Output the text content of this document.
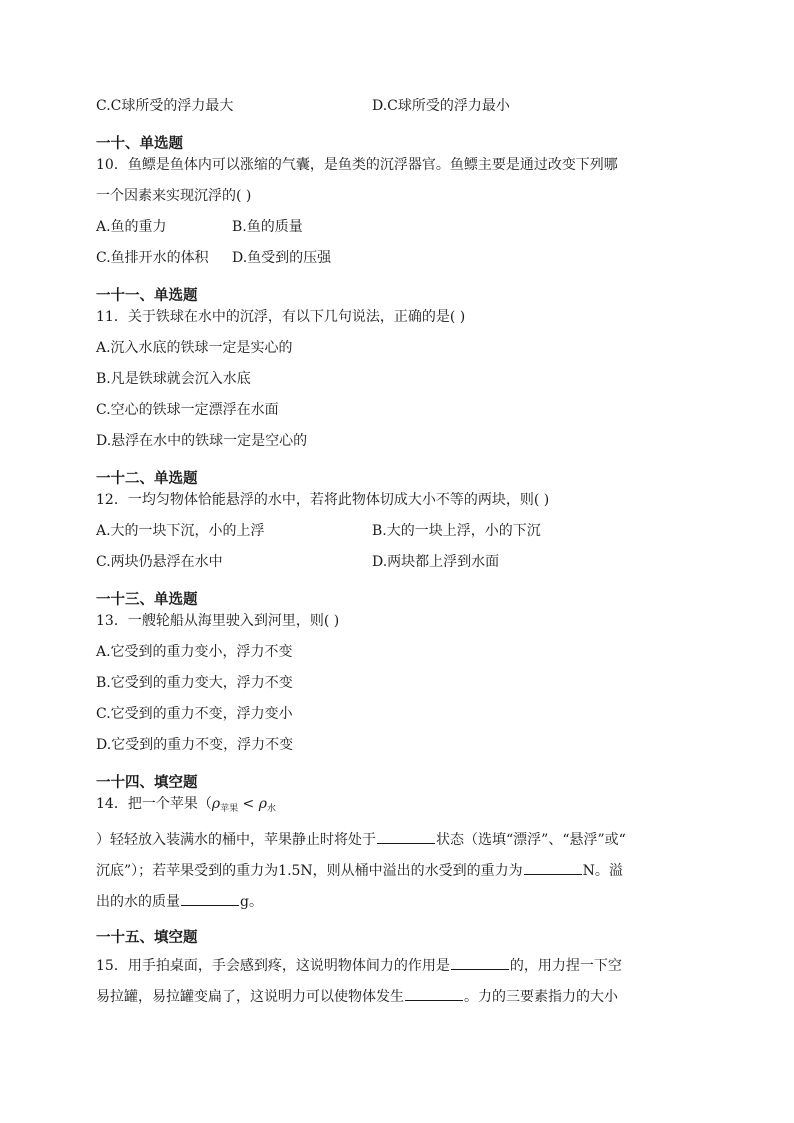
C.C球所受的浮力最大	D.C球所受的浮力最小
一十、单选题
10．鱼鳔是鱼体内可以涨缩的气囊，是鱼类的沉浮器官。鱼鳔主要是通过改变下列哪
一个因素来实现沉浮的( )
A.鱼的重力	B.鱼的质量
C.鱼排开水的体积 D.鱼受到的压强
一十一、单选题
11．关于铁球在水中的沉浮，有以下几句说法，正确的是( )
A.沉入水底的铁球一定是实心的
B.凡是铁球就会沉入水底
C.空心的铁球一定漂浮在水面
D.悬浮在水中的铁球一定是空心的
一十二、单选题
12．一均匀物体恰能悬浮的水中，若将此物体切成大小不等的两块，则( )
A.大的一块下沉，小的上浮	B.大的一块上浮，小的下沉
C.两块仍悬浮在水中	D.两块都上浮到水面
一十三、单选题
13．一艘轮船从海里驶入到河里，则( )
A.它受到的重力变小，浮力不变
B.它受到的重力变大，浮力不变
C.它受到的重力不变，浮力变小
D.它受到的重力不变，浮力不变
一十四、填空题
14．把一个苹果（$\rho_{苹果} < \rho_水$
）轻轻放入装满水的桶中，苹果静止时将处于	状态（选填“漂浮”、“悬浮”或“
沉底”）；若苹果受到的重力为1.5N，则从桶中溢出的水受到的重力为	N。溢
出的水的质量	g。
一十五、填空题
15．用手拍桌面，手会感到疼，这说明物体间力的作用是	的，用力捏一下空
易拉罐，易拉罐变扁了，这说明力可以使物体发生	。力的三要素指力的大小
